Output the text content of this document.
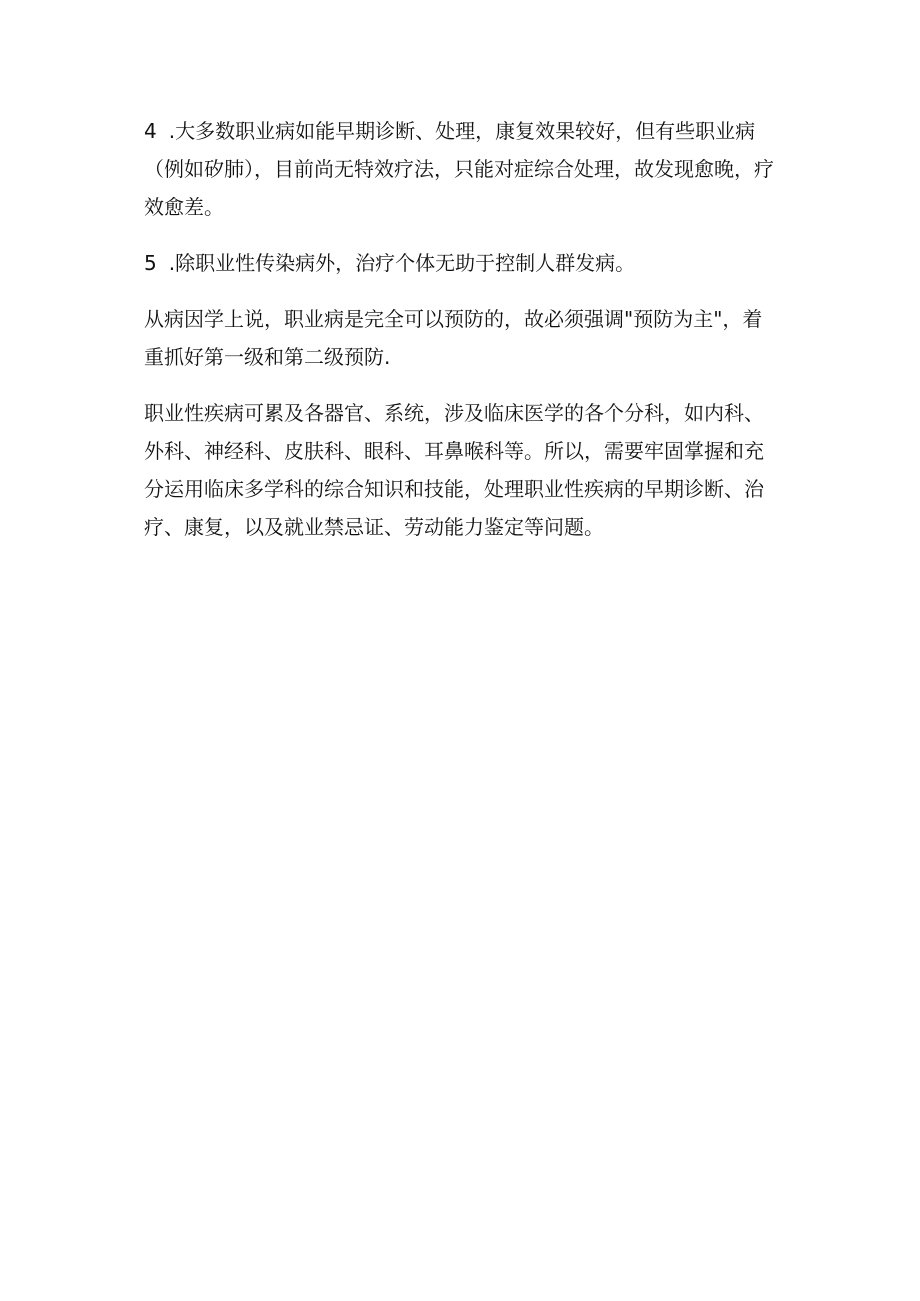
4 .大多数职业病如能早期诊断、处理，康复效果较好，但有些职业病（例如矽肺），目前尚无特效疗法，只能对症综合处理，故发现愈晚，疗效愈差。

5 .除职业性传染病外，治疗个体无助于控制人群发病。

从病因学上说，职业病是完全可以预防的，故必须强调"预防为主"，着重抓好第一级和第二级预防.

职业性疾病可累及各器官、系统，涉及临床医学的各个分科，如内科、外科、神经科、皮肤科、眼科、耳鼻喉科等。所以，需要牢固掌握和充分运用临床多学科的综合知识和技能，处理职业性疾病的早期诊断、治疗、康复，以及就业禁忌证、劳动能力鉴定等问题。
